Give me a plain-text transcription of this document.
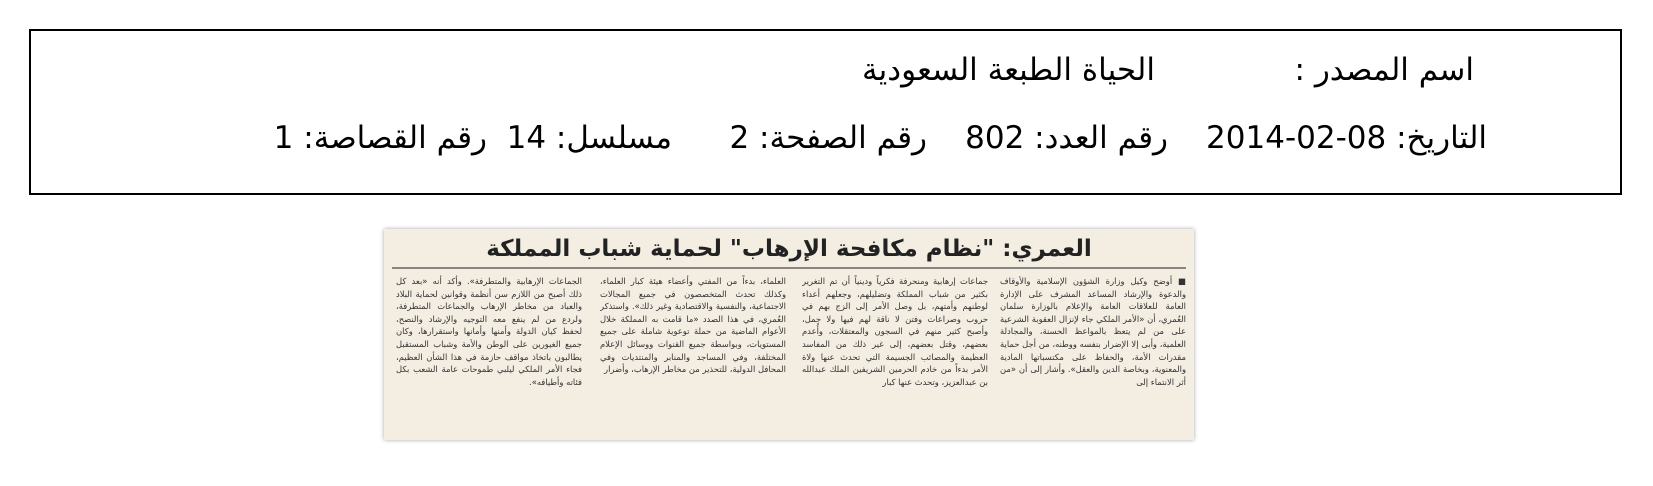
اسم المصدر :
الحياة الطبعة السعودية
التاريخ: 08-02-2014
رقم العدد: 802
رقم الصفحة: 2
مسلسل: 14
رقم القصاصة: 1
العمري: "نظام مكافحة الإرهاب" لحماية شباب المملكة
■ أوضح وكيل وزارة الشؤون الإسلامية والأوقاف والدعوة والإرشاد المساعد المشرف على الإدارة العامة للعلاقات العامة والإعلام بالوزارة سلمان العُمري، أن «الأمر الملكي جاء لإنزال العقوبة الشرعية على من لم يتعظ بالمواعظ الحسنة، والمجادلة العلمية، وأبى إلا الإضرار بنفسه ووطنه، من أجل حماية مقدرات الأمة، والحفاظ على مكتسباتها المادية والمعنوية، وبخاصة الدين والعقل». وأشار إلى أن «من أثر الانتماء إلى
جماعات إرهابية ومنحرفة فكرياً ودينياً أن تم التغرير بكثير من شباب المملكة وتضليلهم، وجعلهم أعداء لوطنهم وأمتهم، بل وصل الأمر إلى الزج بهم في حروب وصراعات وفتن لا ناقة لهم فيها ولا جمل، وأصبح كثير منهم في السجون والمعتقلات، وأُعدم بعضهم، وقتل بعضهم، إلى غير ذلك من المفاسد العظيمة والمصائب الجسيمة التي تحدث عنها ولاة الأمر بدءاً من خادم الحرمين الشريفين الملك عبدالله بن عبدالعزيز، وتحدث عنها كبار
العلماء، بدءاً من المفتي وأعضاء هيئة كبار العلماء، وكذلك تحدث المتخصصون في جميع المجالات الاجتماعية، والنفسية والاقتصادية وغير ذلك». واستذكر العُمري، في هذا الصدد «ما قامت به المملكة خلال الأعوام الماضية من حملة توعوية شاملة على جميع المستويات، وبواسطة جميع القنوات ووسائل الإعلام المختلفة، وفي المساجد والمنابر والمنتديات وفي المحافل الدولية، للتحذير من مخاطر الإرهاب، وأضرار
الجماعات الإرهابية والمتطرفة». وأكد أنه «بعد كل ذلك أصبح من اللازم سن أنظمة وقوانين لحماية البلاد والعباد من مخاطر الإرهاب والجماعات المتطرفة، ولردع من لم ينفع معه التوجيه والإرشاد والنصح، لحفظ كيان الدولة وأمنها وأمانها واستقرارها، وكان جميع الغيورين على الوطن والأمة وشباب المستقبل يطالبون باتخاذ مواقف حازمة في هذا الشأن العظيم، فجاء الأمر الملكي ليلبي طموحات عامة الشعب بكل فئاته وأطيافه».
